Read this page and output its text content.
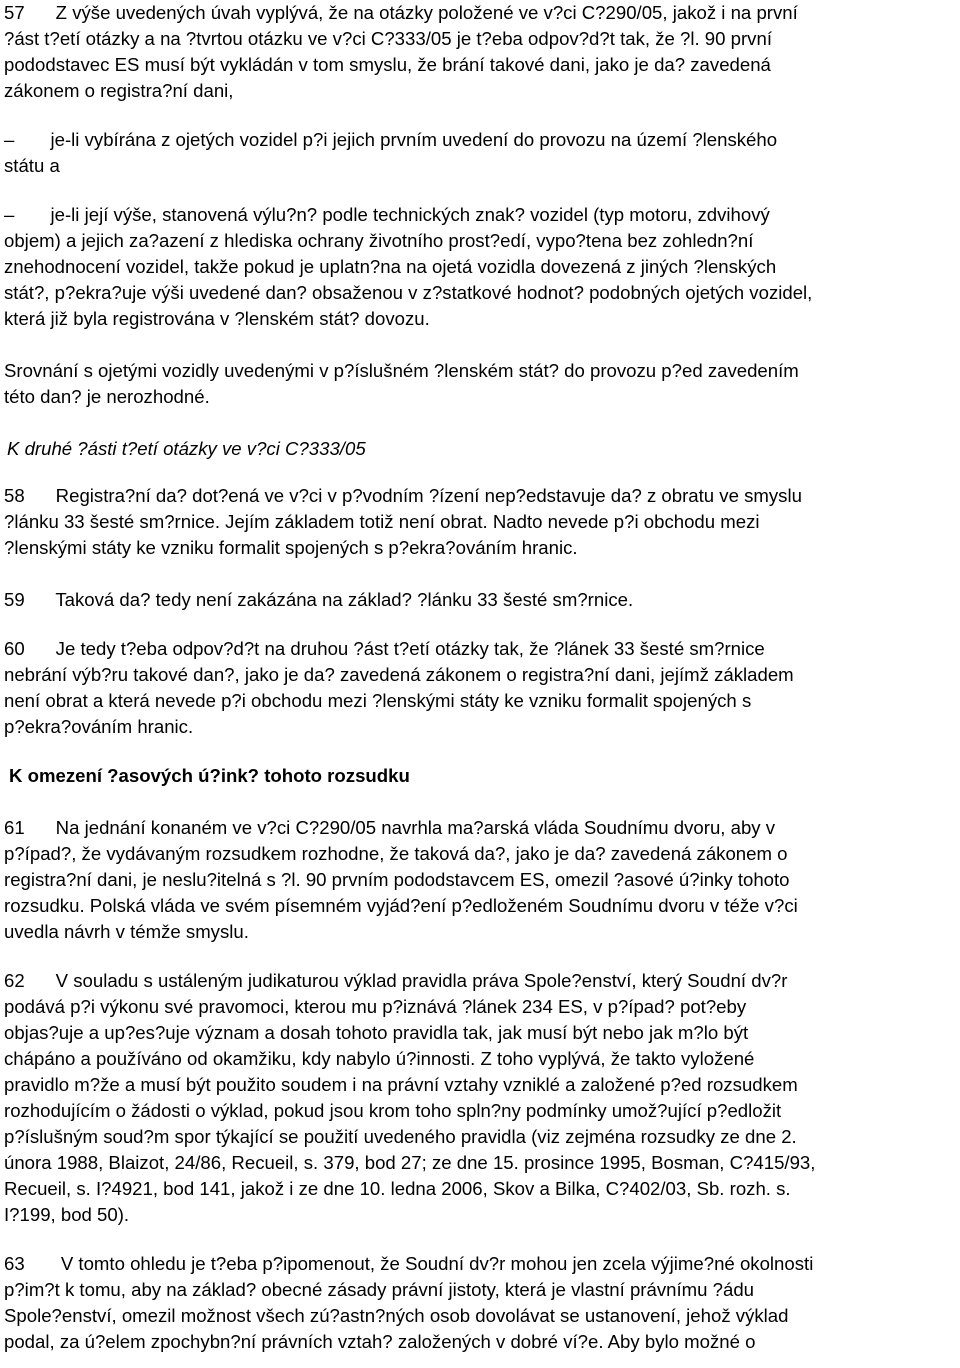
57      Z výše uvedených úvah vyplývá, že na otázky položené ve v?ci C?290/05, jakož i na první
?ást t?etí otázky a na ?tvrtou otázku ve v?ci C?333/05 je t?eba odpov?d?t tak, že ?l. 90 první
pododstavec ES musí být vykládán v tom smyslu, že brání takové dani, jako je da? zavedená
zákonem o registra?ní dani,
–       je-li vybírána z ojetých vozidel p?i jejich prvním uvedení do provozu na území ?lenského
státu a
–       je-li její výše, stanovená výlu?n? podle technických znak? vozidel (typ motoru, zdvihový
objem) a jejich za?azení z hlediska ochrany životního prost?edí, vypo?tena bez zohledn?ní
znehodnocení vozidel, takže pokud je uplatn?na na ojetá vozidla dovezená z jiných ?lenských
stát?, p?ekra?uje výši uvedené dan? obsaženou v z?statkové hodnot? podobných ojetých vozidel,
která již byla registrována v ?lenském stát? dovozu.
Srovnání s ojetými vozidly uvedenými v p?íslušném ?lenském stát? do provozu p?ed zavedením
této dan? je nerozhodné.
K druhé ?ásti t?etí otázky ve v?ci C?333/05
58      Registra?ní da? dot?ená ve v?ci v p?vodním ?ízení nep?edstavuje da? z obratu ve smyslu
?lánku 33 šesté sm?rnice. Jejím základem totiž není obrat. Nadto nevede p?i obchodu mezi
?lenskými státy ke vzniku formalit spojených s p?ekra?ováním hranic.
59      Taková da? tedy není zakázána na základ? ?lánku 33 šesté sm?rnice.
60      Je tedy t?eba odpov?d?t na druhou ?ást t?etí otázky tak, že ?lánek 33 šesté sm?rnice
nebrání výb?ru takové dan?, jako je da? zavedená zákonem o registra?ní dani, jejímž základem
není obrat a která nevede p?i obchodu mezi ?lenskými státy ke vzniku formalit spojených s
p?ekra?ováním hranic.
K omezení ?asových ú?ink? tohoto rozsudku
61      Na jednání konaném ve v?ci C?290/05 navrhla ma?arská vláda Soudnímu dvoru, aby v
p?ípad?, že vydávaným rozsudkem rozhodne, že taková da?, jako je da? zavedená zákonem o
registra?ní dani, je neslu?itelná s ?l. 90 prvním pododstavcem ES, omezil ?asové ú?inky tohoto
rozsudku. Polská vláda ve svém písemném vyjád?ení p?edloženém Soudnímu dvoru v téže v?ci
uvedla návrh v témže smyslu.
62      V souladu s ustáleným judikaturou výklad pravidla práva Spole?enství, který Soudní dv?r
podává p?i výkonu své pravomoci, kterou mu p?iznává ?lánek 234 ES, v p?ípad? pot?eby
objas?uje a up?es?uje význam a dosah tohoto pravidla tak, jak musí být nebo jak m?lo být
chápáno a používáno od okamžiku, kdy nabylo ú?innosti. Z toho vyplývá, že takto vyložené
pravidlo m?že a musí být použito soudem i na právní vztahy vzniklé a založené p?ed rozsudkem
rozhodujícím o žádosti o výklad, pokud jsou krom toho spln?ny podmínky umož?ující p?edložit
p?íslušným soud?m spor týkající se použití uvedeného pravidla (viz zejména rozsudky ze dne 2.
února 1988, Blaizot, 24/86, Recueil, s. 379, bod 27; ze dne 15. prosince 1995, Bosman, C?415/93,
Recueil, s. I?4921, bod 141, jakož i ze dne 10. ledna 2006, Skov a Bilka, C?402/03, Sb. rozh. s.
I?199, bod 50).
63       V tomto ohledu je t?eba p?ipomenout, že Soudní dv?r mohou jen zcela výjime?né okolnosti
p?im?t k tomu, aby na základ? obecné zásady právní jistoty, která je vlastní právnímu ?ádu
Spole?enství, omezil možnost všech zú?astn?ných osob dovolávat se ustanovení, jehož výklad
podal, za ú?elem zpochybn?ní právních vztah? založených v dobré ví?e. Aby bylo možné o
